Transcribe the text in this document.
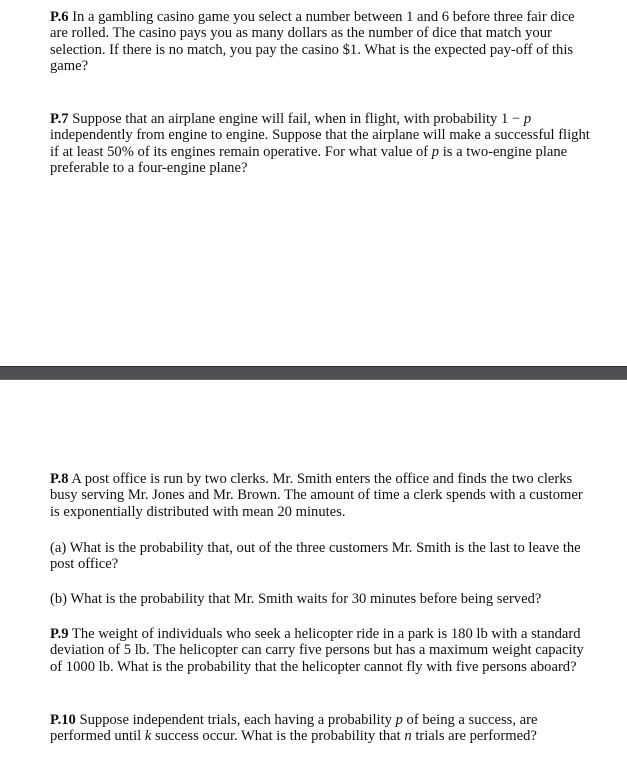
P.6 In a gambling casino game you select a number between 1 and 6 before three fair dice are rolled. The casino pays you as many dollars as the number of dice that match your selection. If there is no match, you pay the casino $1. What is the expected pay-off of this game?

P.7 Suppose that an airplane engine will fail, when in flight, with probability 1 − p independently from engine to engine. Suppose that the airplane will make a successful flight if at least 50% of its engines remain operative. For what value of p is a two-engine plane preferable to a four-engine plane?

P.8 A post office is run by two clerks. Mr. Smith enters the office and finds the two clerks busy serving Mr. Jones and Mr. Brown. The amount of time a clerk spends with a customer is exponentially distributed with mean 20 minutes.

(a) What is the probability that, out of the three customers Mr. Smith is the last to leave the post office?

(b) What is the probability that Mr. Smith waits for 30 minutes before being served?

P.9 The weight of individuals who seek a helicopter ride in a park is 180 lb with a standard deviation of 5 lb. The helicopter can carry five persons but has a maximum weight capacity of 1000 lb. What is the probability that the helicopter cannot fly with five persons aboard?

P.10 Suppose independent trials, each having a probability p of being a success, are performed until k success occur. What is the probability that n trials are performed?
